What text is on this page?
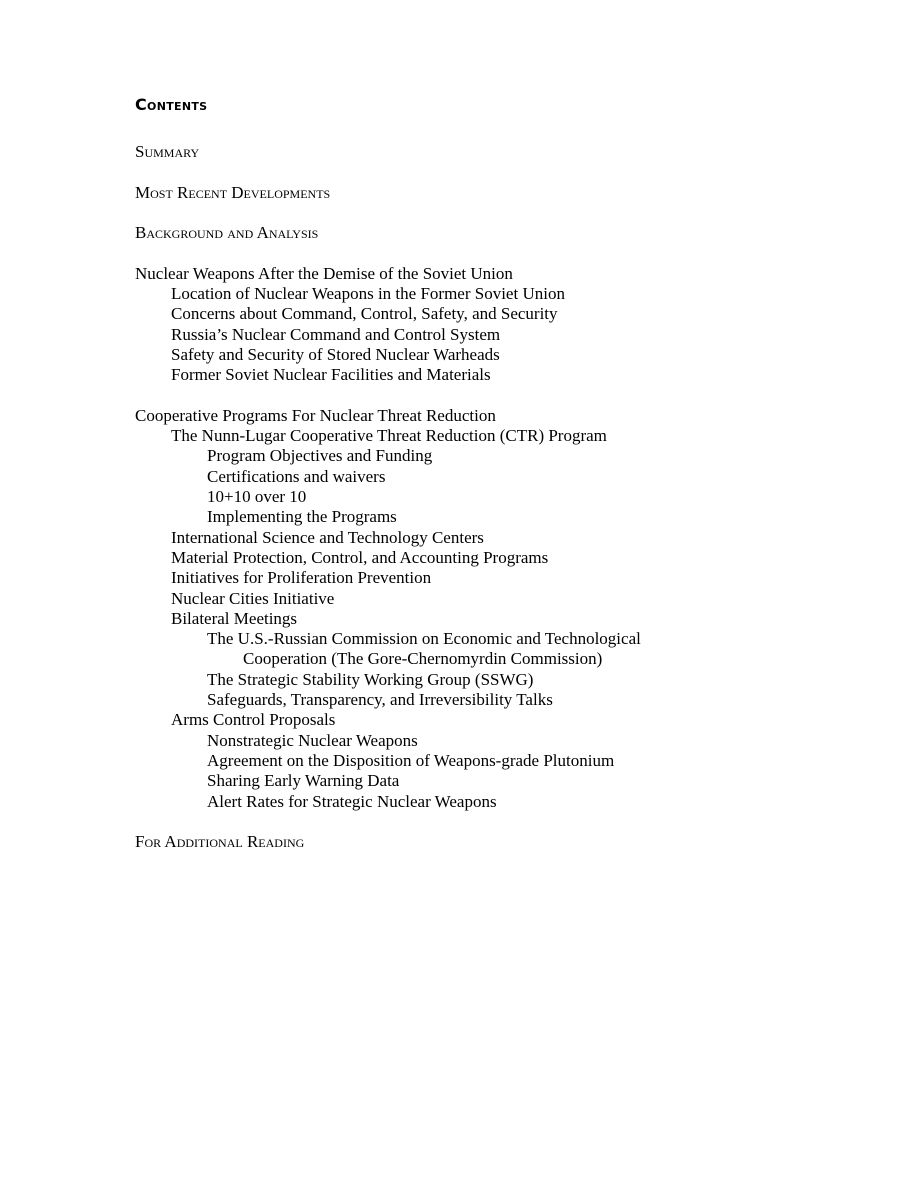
Contents
Summary
Most Recent Developments
Background and Analysis
Nuclear Weapons After the Demise of the Soviet Union
Location of Nuclear Weapons in the Former Soviet Union
Concerns about Command, Control, Safety, and Security
Russia’s Nuclear Command and Control System
Safety and Security of Stored Nuclear Warheads
Former Soviet Nuclear Facilities and Materials
Cooperative Programs For Nuclear Threat Reduction
The Nunn-Lugar Cooperative Threat Reduction (CTR) Program
Program Objectives and Funding
Certifications and waivers
10+10 over 10
Implementing the Programs
International Science and Technology Centers
Material Protection, Control, and Accounting Programs
Initiatives for Proliferation Prevention
Nuclear Cities Initiative
Bilateral Meetings
The U.S.-Russian Commission on Economic and Technological
Cooperation (The Gore-Chernomyrdin Commission)
The Strategic Stability Working Group (SSWG)
Safeguards, Transparency, and Irreversibility Talks
Arms Control Proposals
Nonstrategic Nuclear Weapons
Agreement on the Disposition of Weapons-grade Plutonium
Sharing Early Warning Data
Alert Rates for Strategic Nuclear Weapons
For Additional Reading
